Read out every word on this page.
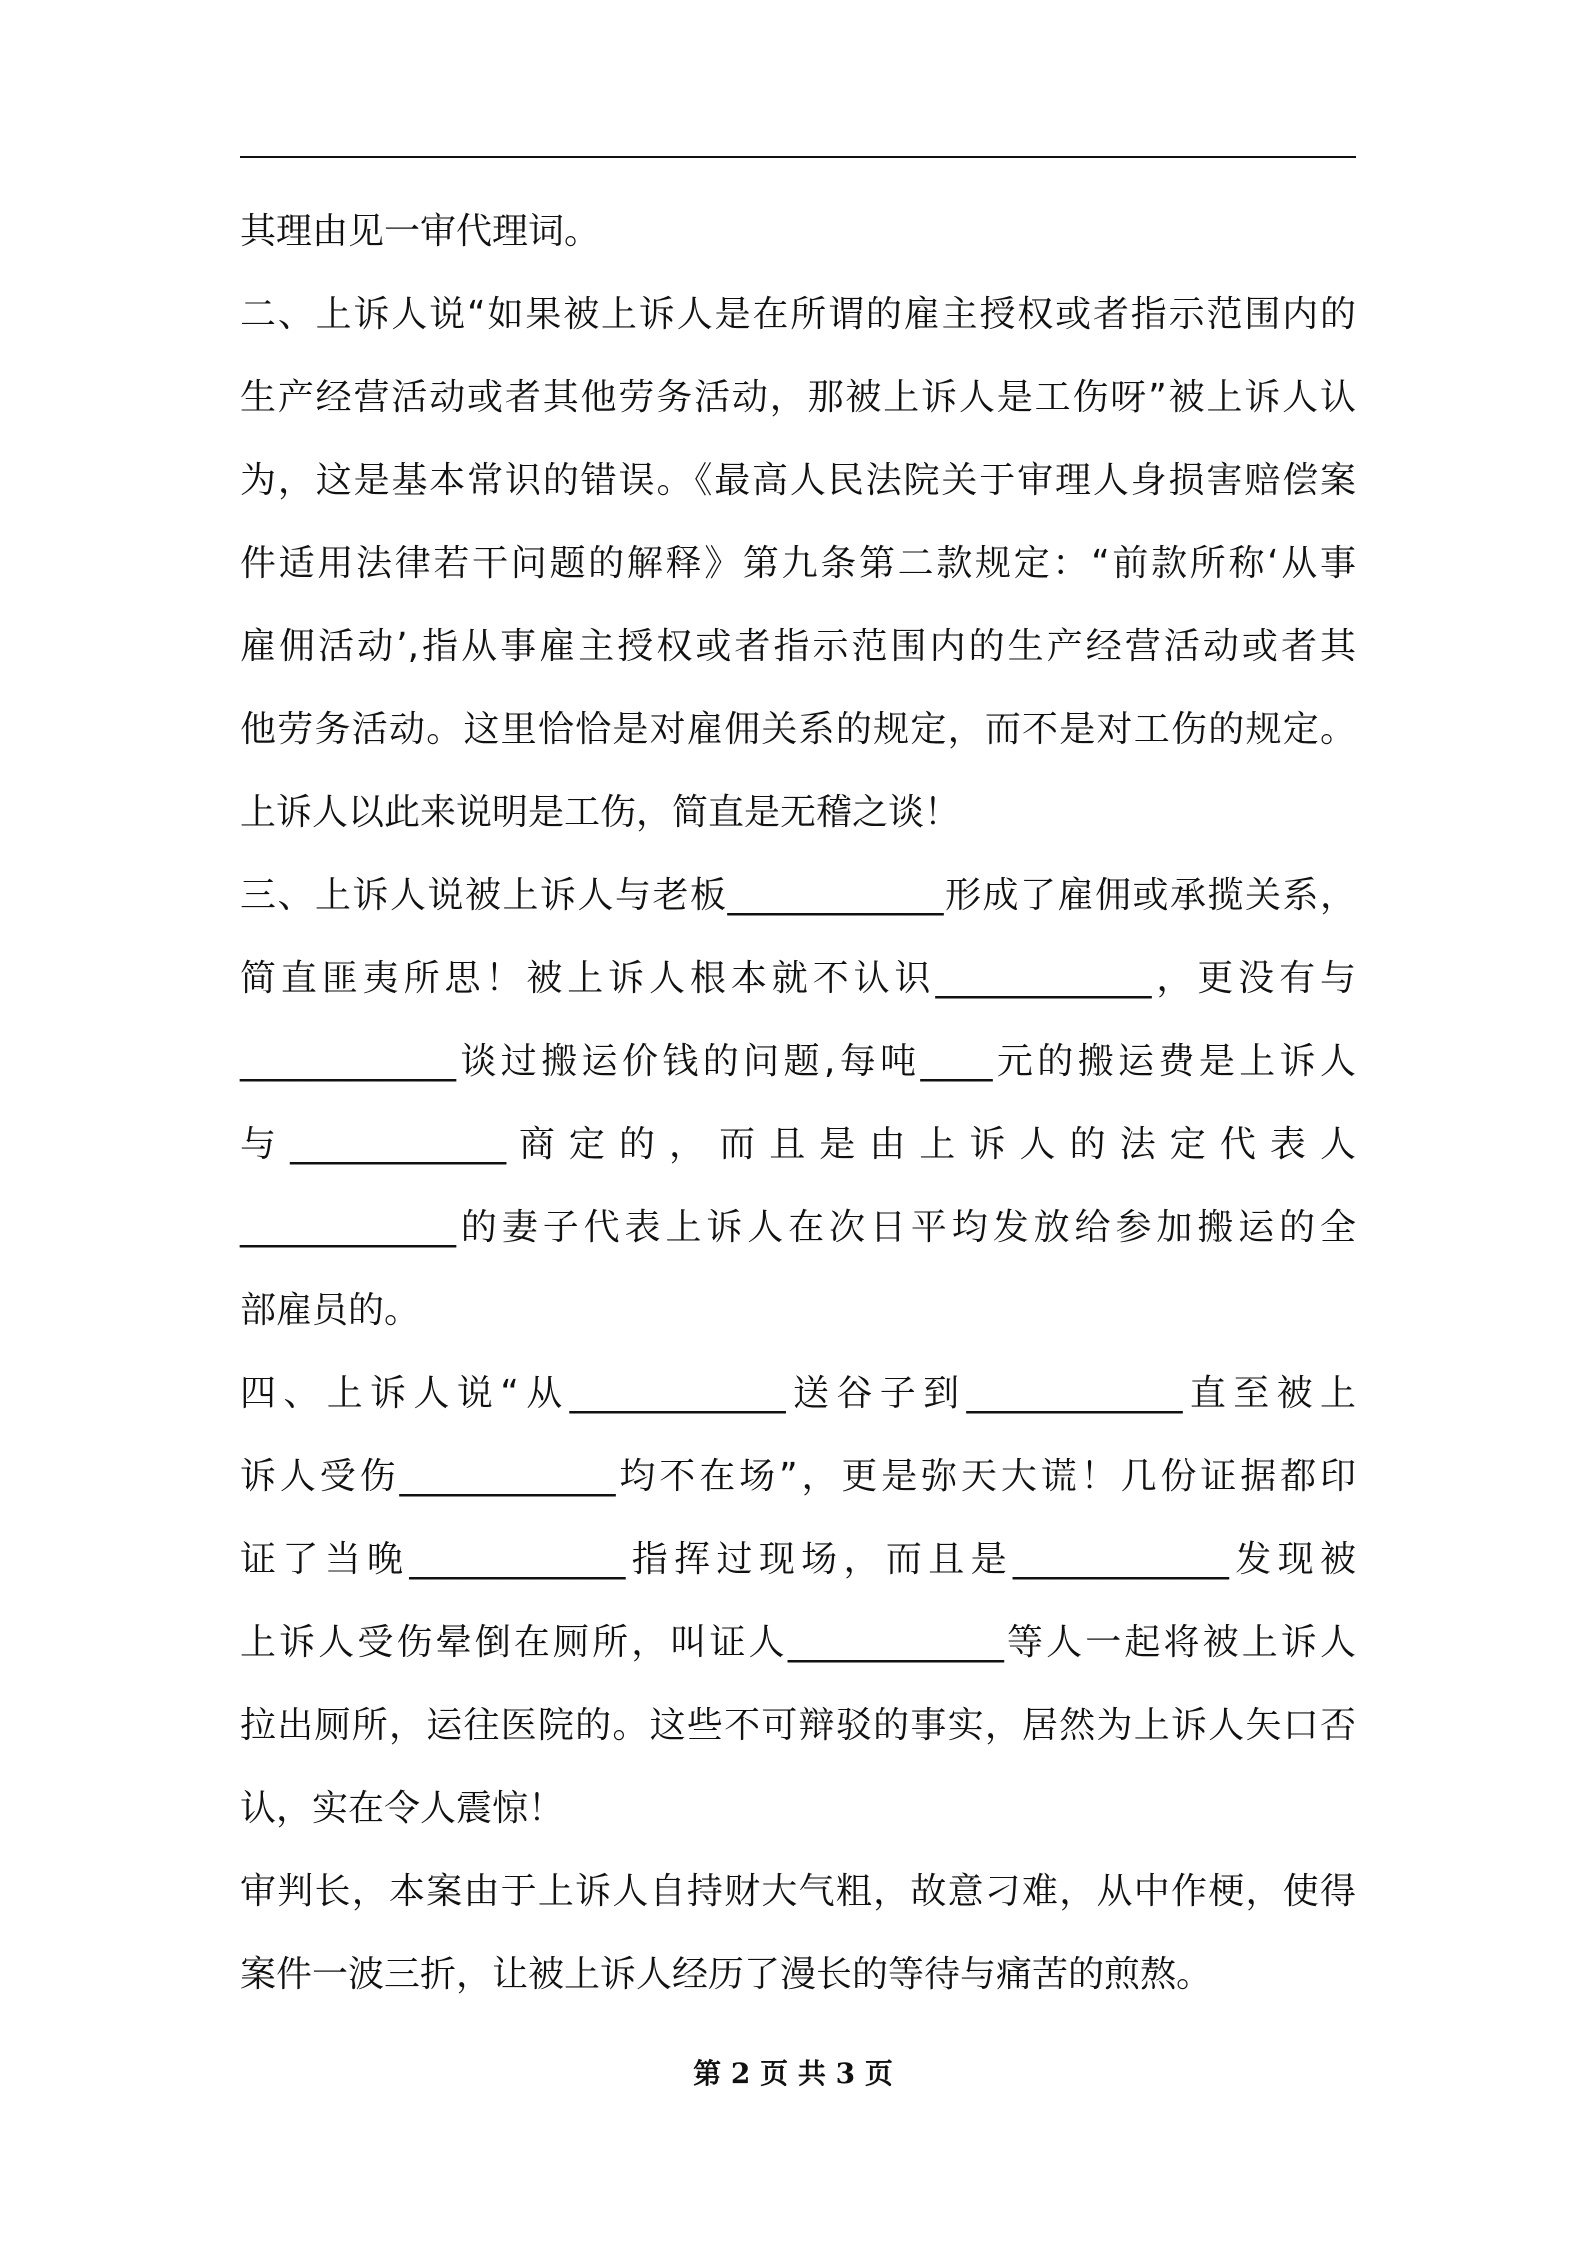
其理由见一审代理词。
二、上诉人说“如果被上诉人是在所谓的雇主授权或者指示范围内的
生产经营活动或者其他劳务活动，那被上诉人是工伤呀”被上诉人认
为，这是基本常识的错误。《最高人民法院关于审理人身损害赔偿案
件适用法律若干问题的解释》第九条第二款规定：“前款所称‘从事
雇佣活动’,指从事雇主授权或者指示范围内的生产经营活动或者其
他劳务活动。这里恰恰是对雇佣关系的规定，而不是对工伤的规定。
上诉人以此来说明是工伤，简直是无稽之谈！
三、上诉人说被上诉人与老板____________形成了雇佣或承揽关系，
简直匪夷所思！被上诉人根本就不认识____________，更没有与
____________谈过搬运价钱的问题,每吨____元的搬运费是上诉人
与 ____________ 商 定 的 ， 而 且 是 由 上 诉 人 的 法 定 代 表 人
____________的妻子代表上诉人在次日平均发放给参加搬运的全
部雇员的。
四、上诉人说“从____________送谷子到____________直至被上
诉人受伤____________均不在场”，更是弥天大谎！几份证据都印
证了当晚____________指挥过现场，而且是____________发现被
上诉人受伤晕倒在厕所，叫证人____________等人一起将被上诉人
拉出厕所，运往医院的。这些不可辩驳的事实，居然为上诉人矢口否
认，实在令人震惊！
审判长，本案由于上诉人自持财大气粗，故意刁难，从中作梗，使得
案件一波三折，让被上诉人经历了漫长的等待与痛苦的煎熬。
第 2 页 共 3 页
